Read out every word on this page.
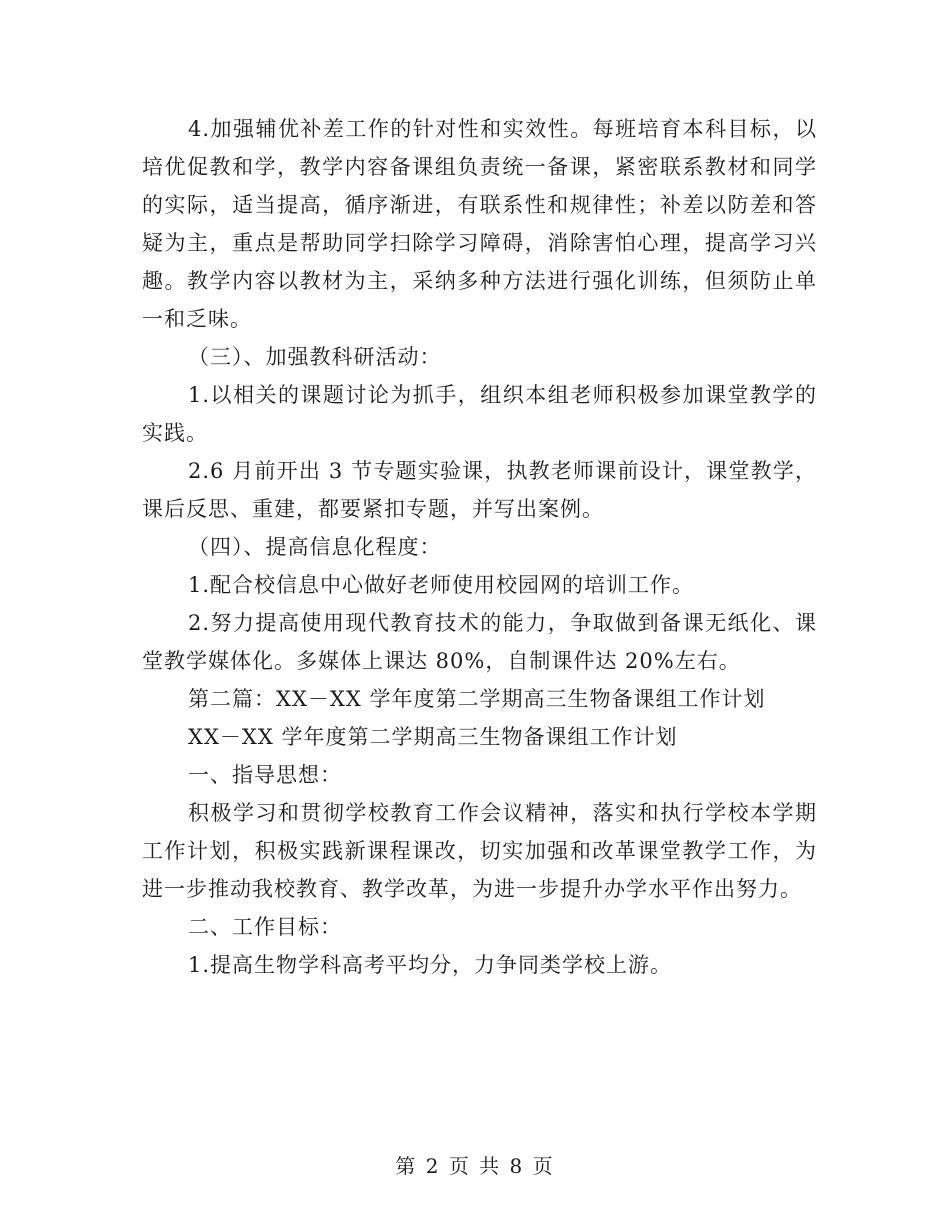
4.加强辅优补差工作的针对性和实效性。每班培育本科目标，以培优促教和学，教学内容备课组负责统一备课，紧密联系教材和同学的实际，适当提高，循序渐进，有联系性和规律性；补差以防差和答疑为主，重点是帮助同学扫除学习障碍，消除害怕心理，提高学习兴趣。教学内容以教材为主，采纳多种方法进行强化训练，但须防止单一和乏味。

（三）、加强教科研活动：

1.以相关的课题讨论为抓手，组织本组老师积极参加课堂教学的实践。

2.6 月前开出 3 节专题实验课，执教老师课前设计，课堂教学，课后反思、重建，都要紧扣专题，并写出案例。

（四）、提高信息化程度：

1.配合校信息中心做好老师使用校园网的培训工作。

2.努力提高使用现代教育技术的能力，争取做到备课无纸化、课堂教学媒体化。多媒体上课达 80%，自制课件达 20%左右。

第二篇：XX－XX 学年度第二学期高三生物备课组工作计划

XX－XX 学年度第二学期高三生物备课组工作计划

一、指导思想：

积极学习和贯彻学校教育工作会议精神，落实和执行学校本学期工作计划，积极实践新课程课改，切实加强和改革课堂教学工作，为进一步推动我校教育、教学改革，为进一步提升办学水平作出努力。

二、工作目标：

1.提高生物学科高考平均分，力争同类学校上游。

第 2 页 共 8 页
